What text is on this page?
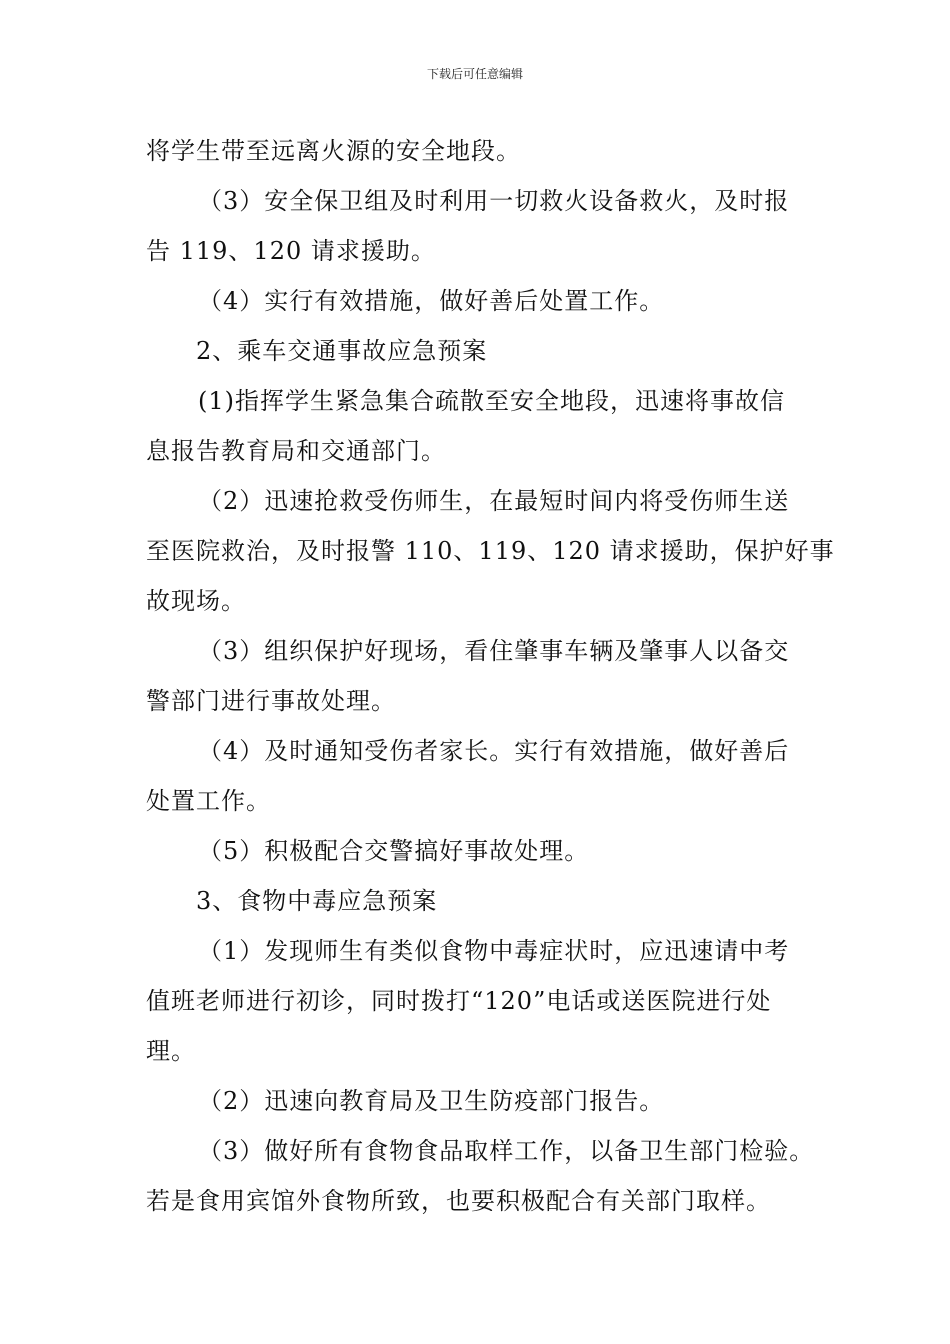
下载后可任意编辑
将学生带至远离火源的安全地段。
（3）安全保卫组及时利用一切救火设备救火，及时报
告 119、120 请求援助。
（4）实行有效措施，做好善后处置工作。
2、乘车交通事故应急预案
(1)指挥学生紧急集合疏散至安全地段，迅速将事故信
息报告教育局和交通部门。
（2）迅速抢救受伤师生，在最短时间内将受伤师生送
至医院救治，及时报警 110、119、120 请求援助，保护好事
故现场。
（3）组织保护好现场，看住肇事车辆及肇事人以备交
警部门进行事故处理。
（4）及时通知受伤者家长。实行有效措施，做好善后
处置工作。
（5）积极配合交警搞好事故处理。
3、食物中毒应急预案
（1）发现师生有类似食物中毒症状时，应迅速请中考
值班老师进行初诊，同时拨打“120”电话或送医院进行处
理。
（2）迅速向教育局及卫生防疫部门报告。
（3）做好所有食物食品取样工作，以备卫生部门检验。
若是食用宾馆外食物所致，也要积极配合有关部门取样。
